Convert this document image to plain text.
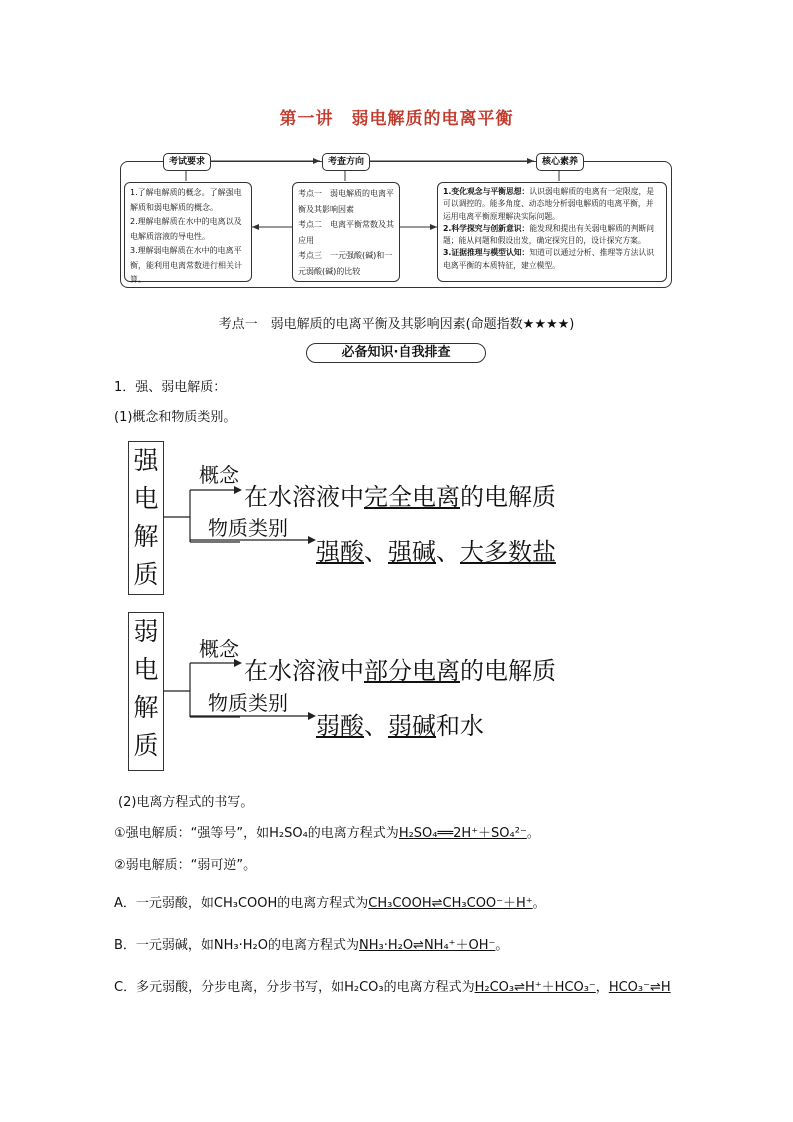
第一讲　弱电解质的电离平衡
考试要求	考查方向	核心素养

1.了解电解质的概念。了解强电解质和弱电解质的概念。

2.理解电解质在水中的电离以及电解质溶液的导电性。

3.理解弱电解质在水中的电离平衡，能利用电离常数进行相关计算。

考点一　 弱电解质的电离平衡及其影响因素

考点二　 电离平衡常数及其应用

考点三　 一元强酸(碱)和一元弱酸(碱)的比较

1.变化观念与平衡思想：认识弱电解质的电离有一定限度，是可以调控的。能多角度、动态地分析弱电解质的电离平衡，并运用电离平衡原理解决实际问题。

2.科学探究与创新意识：能发现和提出有关弱电解质的判断问题；能从问题和假设出发，确定探究目的，设计探究方案。

3.证据推理与模型认知：知道可以通过分析、推理等方法认识电离平衡的本质特征，建立模型。

考点一　弱电解质的电离平衡及其影响因素(命题指数★★★★)
必备知识·自我排查
1．强、弱电解质：
(1)概念和物质类别。
强
电
解
质
概念
在水溶液中完全电离的电解质
物质类别
强酸、强碱、大多数盐
弱
电
解
质
概念
在水溶液中部分电离的电解质
物质类别
弱酸、弱碱和水
(2)电离方程式的书写。
①强电解质：“强等号”，如H₂SO₄的电离方程式为H₂SO₄══2H⁺＋SO₄²⁻。
②弱电解质：“弱可逆”。
A．一元弱酸，如CH₃COOH的电离方程式为CH₃COOH⇌CH₃COO⁻＋H⁺。
B．一元弱碱，如NH₃·H₂O的电离方程式为NH₃·H₂O⇌NH₄⁺＋OH⁻。
C．多元弱酸，分步电离，分步书写，如H₂CO₃的电离方程式为H₂CO₃⇌H⁺＋HCO₃⁻，HCO₃⁻⇌H
